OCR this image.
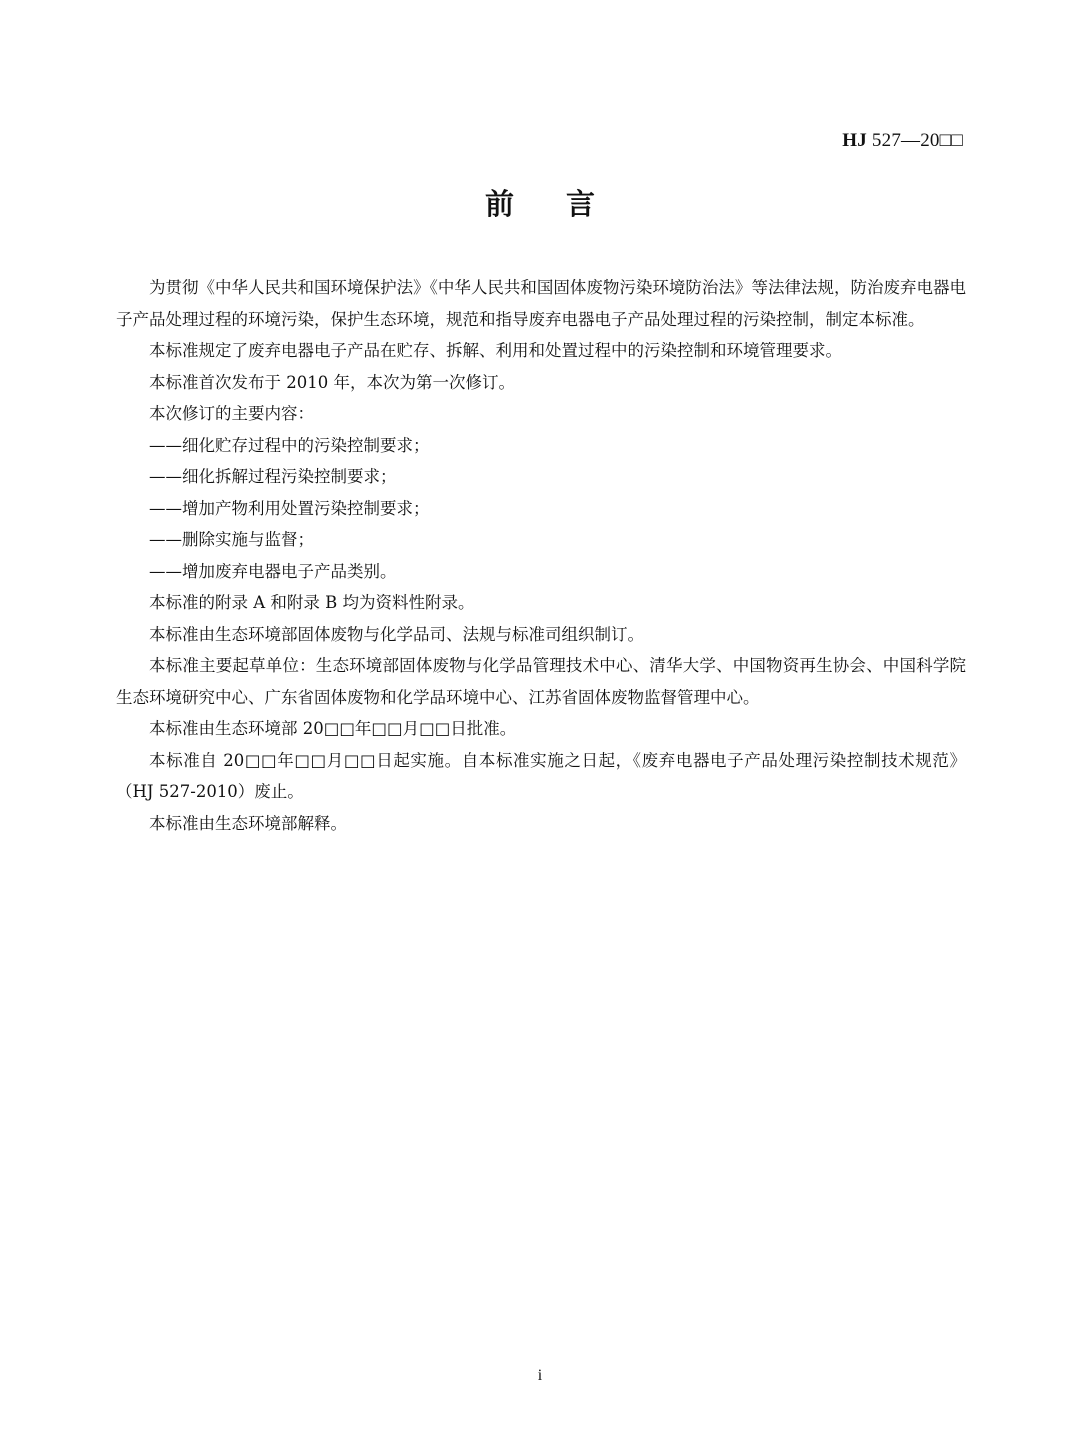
HJ 527—20□□
前言

为贯彻《中华人民共和国环境保护法》《中华人民共和国固体废物污染环境防治法》等法律法规，防治废弃电器电子产品处理过程的环境污染，保护生态环境，规范和指导废弃电器电子产品处理过程的污染控制，制定本标准。

本标准规定了废弃电器电子产品在贮存、拆解、利用和处置过程中的污染控制和环境管理要求。

本标准首次发布于 2010 年，本次为第一次修订。

本次修订的主要内容：

——细化贮存过程中的污染控制要求；

——细化拆解过程污染控制要求；

——增加产物利用处置污染控制要求；

——删除实施与监督；

——增加废弃电器电子产品类别。

本标准的附录 A 和附录 B 均为资料性附录。

本标准由生态环境部固体废物与化学品司、法规与标准司组织制订。

本标准主要起草单位：生态环境部固体废物与化学品管理技术中心、清华大学、中国物资再生协会、中国科学院生态环境研究中心、广东省固体废物和化学品环境中心、江苏省固体废物监督管理中心。

本标准由生态环境部 20□□年□□月□□日批准。

本标准自 20□□年□□月□□日起实施。自本标准实施之日起，《废弃电器电子产品处理污染控制技术规范》（HJ 527-2010）废止。

本标准由生态环境部解释。

i
